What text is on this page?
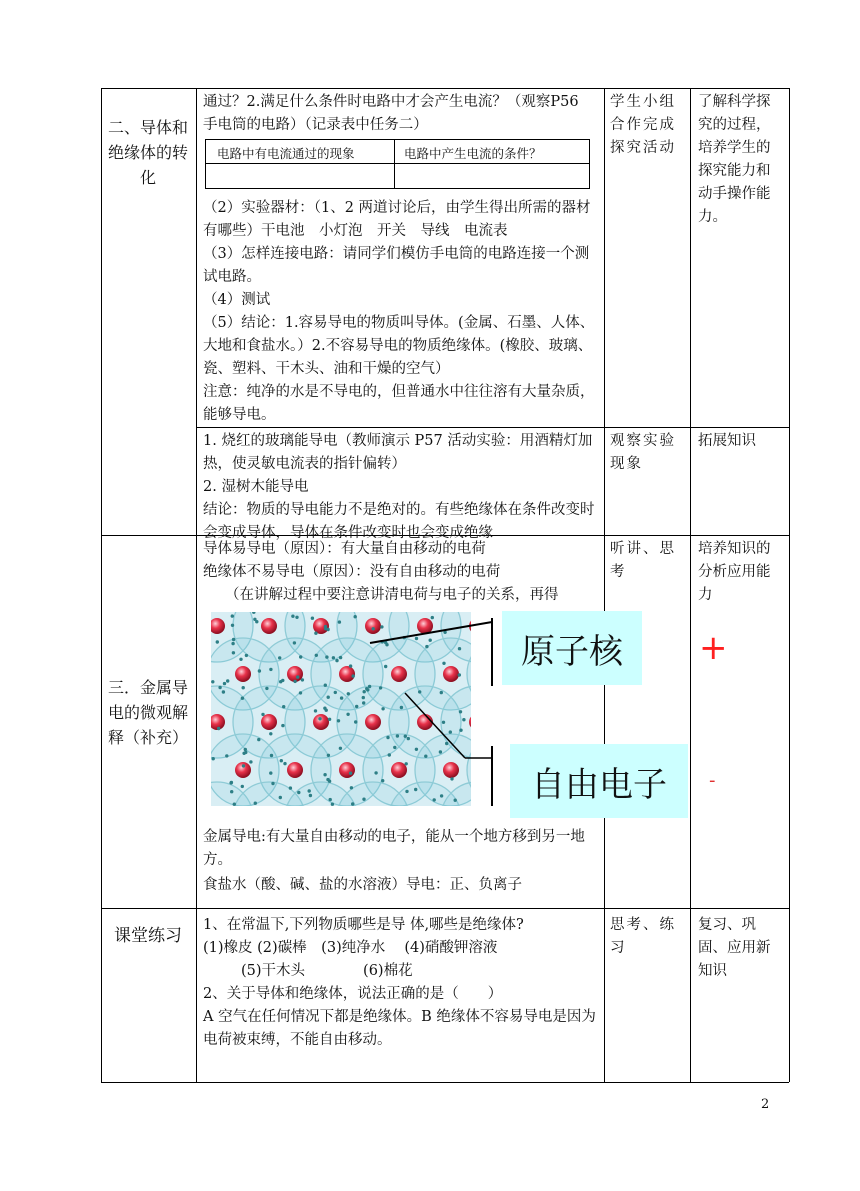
二、导体和绝缘体的转化

通过？2.满足什么条件时电路中才会产生电流？（观察P56 手电筒的电路）（记录表中任务二）

（2）实验器材：（1、2 两道讨论后，由学生得出所需的器材有哪些）干电池　小灯泡　开关　导线　电流表

（3）怎样连接电路：请同学们模仿手电筒的电路连接一个测试电路。

（4）测试

（5）结论：1.容易导电的物质叫导体。(金属、石墨、人体、大地和食盐水。）2.不容易导电的物质绝缘体。(橡胶、玻璃、瓷、塑料、干木头、油和干燥的空气）

注意：纯净的水是不导电的，但普通水中往往溶有大量杂质，能够导电。

电路中有电流通过的现象	电路中产生电流的条件？
学生小组合作完成探究活动
了解科学探究的过程，培养学生的探究能力和动手操作能力。

1. 烧红的玻璃能导电（教师演示 P57 活动实验：用酒精灯加热，使灵敏电流表的指针偏转）

2. 湿树木能导电

结论：物质的导电能力不是绝对的。有些绝缘体在条件改变时会变成导体，导体在条件改变时也会变成绝缘

观察实验现象
拓展知识
三．金属导电的微观解释（补充）

导体易导电（原因）：有大量自由移动的电荷

绝缘体不易导电（原因）：没有自由移动的电荷

（在讲解过程中要注意讲清电荷与电子的关系，再得

原子核
自由电子
+
-

金属导电:有大量自由移动的电子，能从一个地方移到另一地方。

食盐水（酸、碱、盐的水溶液）导电：正、负离子

听讲、思考
培养知识的分析应用能力
课堂练习

1、在常温下,下列物质哪些是导 体,哪些是绝缘体?

(1)橡皮 (2)碳棒　(3)纯净水　 (4)硝酸钾溶液

(5)干木头　　　　(6)棉花

2、关于导体和绝缘体，说法正确的是（　　）

A 空气在任何情况下都是绝缘体。B 绝缘体不容易导电是因为电荷被束缚，不能自由移动。

思考、练习
复习、巩固、应用新知识
2
